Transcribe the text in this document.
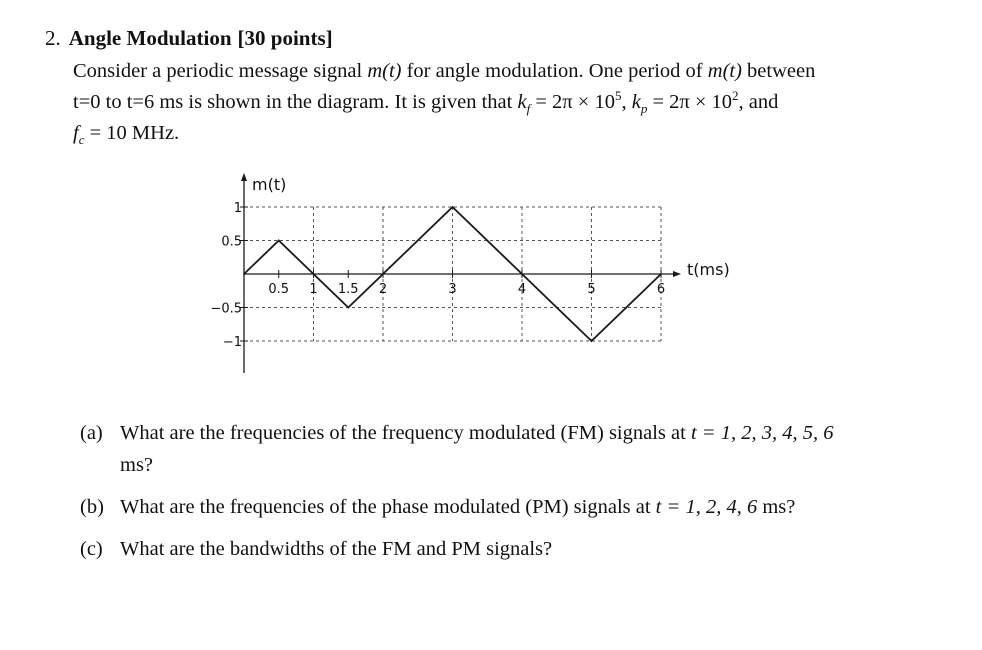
2. Angle Modulation [30 points]
Consider a periodic message signal m(t) for angle modulation. One period of m(t) between
t=0 to t=6 ms is shown in the diagram. It is given that $k_f = 2\pi \times 10^5$, $k_p = 2\pi \times 10^2$, and
$f_c = 10$ MHz.
0.5 1 1.5 2	3	4	5	6
1
0.5
−0.5
−1
m(t)
t(ms)
(a) What are the frequencies of the frequency modulated (FM) signals at t = 1, 2, 3, 4, 5, 6
ms?
(b) What are the frequencies of the phase modulated (PM) signals at t = 1, 2, 4, 6 ms?
(c) What are the bandwidths of the FM and PM signals?
